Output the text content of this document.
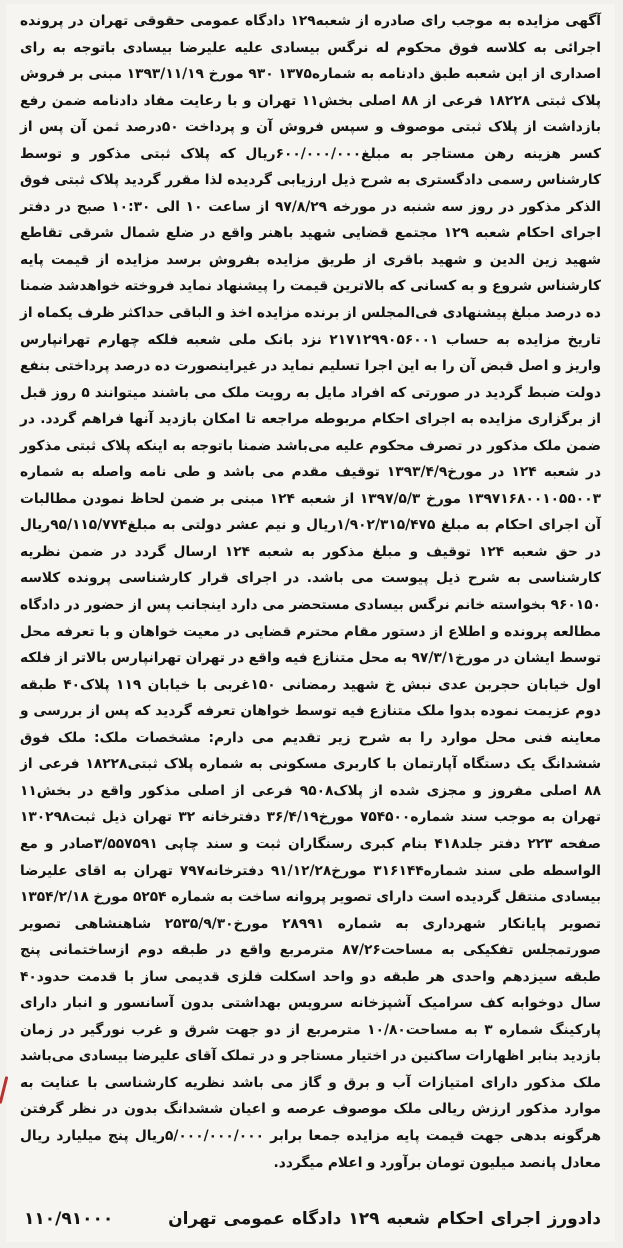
آگهی مزایده به موجب رای صادره از شعبه۱۲۹ دادگاه عمومی حقوقی تهران در پرونده اجرائی به کلاسه فوق محکوم له نرگس بیسادی علیه علیرضا بیسادی باتوجه به رای اصداری از این شعبه طبق دادنامه به شماره۱۳۷۵ ۹۳۰ مورخ ۱۳۹۳/۱۱/۱۹ مبنی بر فروش پلاک ثبتی ۱۸۲۲۸ فرعی از ۸۸ اصلی بخش۱۱ تهران و با رعایت مفاد دادنامه ضمن رفع بازداشت از پلاک ثبتی موصوف و سپس فروش آن و پرداخت ۵۰درصد ثمن آن پس از کسر هزینه رهن مستاجر به مبلغ۶۰۰/۰۰۰/۰۰۰ریال که پلاک ثبتی مذکور و توسط کارشناس رسمی دادگستری به شرح ذیل ارزیابی گردیده لذا مقرر گردید پلاک ثبتی فوق الذکر مذکور در روز سه شنبه در مورخه ۹۷/۸/۲۹ از ساعت ۱۰ الی ۱۰:۳۰ صبح در دفتر اجرای احکام شعبه ۱۲۹ مجتمع قضایی شهید باهنر واقع در ضلع شمال شرقی تقاطع شهید زین الدین و شهید باقری از طریق مزایده بفروش برسد مزایده از قیمت پایه کارشناس شروع و به کسانی که بالاترین قیمت را پیشنهاد نماید فروخته خواهدشد ضمنا ده درصد مبلغ پیشنهادی فی‌المجلس از برنده مزایده اخذ و الباقی حداکثر ظرف یکماه از تاریخ مزایده به حساب ۲۱۷۱۲۹۹۰۵۶۰۰۱ نزد بانک ملی شعبه فلکه چهارم تهرانپارس واریز و اصل قبض آن را به این اجرا تسلیم نماید در غیراینصورت ده درصد پرداختی بنفع دولت ضبط گردید در صورتی که افراد مایل به رویت ملک می باشند میتوانند ۵ روز قبل از برگزاری مزایده به اجرای احکام مربوطه مراجعه تا امکان بازدید آنها فراهم گردد. در ضمن ملک مذکور در تصرف محکوم علیه می‌باشد ضمنا باتوجه به اینکه پلاک ثبتی مذکور در شعبه ۱۲۴ در مورخ۱۳۹۳/۴/۹ توقیف مقدم می باشد و طی نامه واصله به شماره ۱۳۹۷۱۶۸۰۰۱۰۵۵۰۰۳ مورخ ۱۳۹۷/۵/۳ از شعبه ۱۲۴ مبنی بر ضمن لحاظ نمودن مطالبات آن اجرای احکام به مبلغ ۱/۹۰۲/۳۱۵/۴۷۵ریال و نیم عشر دولتی به مبلغ۹۵/۱۱۵/۷۷۴ریال در حق شعبه ۱۲۴ توقیف و مبلغ مذکور به شعبه ۱۲۴ ارسال گردد در ضمن نظریه کارشناسی به شرح ذیل پیوست می باشد. در اجرای قرار کارشناسی پرونده کلاسه ۹۶۰۱۵۰ بخواسته خانم نرگس بیسادی مستحضر می دارد اینجانب پس از حضور در دادگاه مطالعه پرونده و اطلاع از دستور مقام محترم قضایی در معیت خواهان و با تعرفه محل توسط ایشان در مورخ۹۷/۳/۱ به محل متنازع فیه واقع در تهران تهرانپارس بالاتر از فلکه اول خیابان حجربن عدی نبش خ شهید رمضانی ۱۵۰غربی با خیابان ۱۱۹ پلاک۴۰ طبقه دوم عزیمت نموده بدوا ملک متنازع فیه توسط خواهان تعرفه گردید که پس از بررسی و معاینه فنی محل موارد را به شرح زیر تقدیم می دارم: مشخصات ملک: ملک فوق ششدانگ یک دستگاه آپارتمان با کاربری مسکونی به شماره پلاک ثبتی۱۸۲۲۸ فرعی از ۸۸ اصلی مفروز و مجزی شده از پلاک۹۵۰۸ فرعی از اصلی مذکور واقع در بخش۱۱ تهران به موجب سند شماره۷۵۴۵۰۰ مورخ۳۶/۴/۱۹ دفترخانه ۳۲ تهران ذیل ثبت۱۳۰۲۹۸ صفحه ۲۲۳ دفتر جلد۴۱۸ بنام کبری رسنگاران ثبت و سند چاپی ۳/۵۵۷۵۹۱صادر و مع الواسطه طی سند شماره۳۱۶۱۴۴ مورخ۹۱/۱۲/۲۸ دفترخانه۷۹۷ تهران به اقای علیرضا بیسادی منتقل گردیده است دارای تصویر پروانه ساخت به شماره ۵۲۵۴ مورخ ۱۳۵۴/۲/۱۸ تصویر پایانکار شهرداری به شماره ۲۸۹۹۱ مورخ۲۵۳۵/۹/۳۰ شاهنشاهی تصویر صورتمجلس تفکیکی به مساحت۸۷/۲۶ مترمربع واقع در طبقه دوم ازساختمانی پنج طبقه سیزدهم واحدی هر طبقه دو واحد اسکلت فلزی قدیمی ساز با قدمت حدود۴۰ سال دوخوابه کف سرامیک آشپزخانه سرویس بهداشتی بدون آسانسور و انبار دارای پارکینگ شماره ۳ به مساحت۱۰/۸۰ مترمربع از دو جهت شرق و غرب نورگیر در زمان بازدید بنابر اظهارات ساکنین در اختیار مستاجر و در تملک آقای علیرضا بیسادی می‌باشد ملک مذکور دارای امتیازات آب و برق و گاز می باشد نظریه کارشناسی با عنایت به موارد مذکور ارزش ریالی ملک موصوف عرصه و اعیان ششدانگ بدون در نظر گرفتن هرگونه بدهی جهت قیمت پایه مزایده جمعا برابر ۵/۰۰۰/۰۰۰/۰۰۰ریال پنج میلیارد ریال معادل پانصد میلیون تومان برآورد و اعلام میگردد.

دادورز اجرای احکام شعبه ۱۲۹ دادگاه عمومی تهران
۱۱۰/۹۱۰۰۰
